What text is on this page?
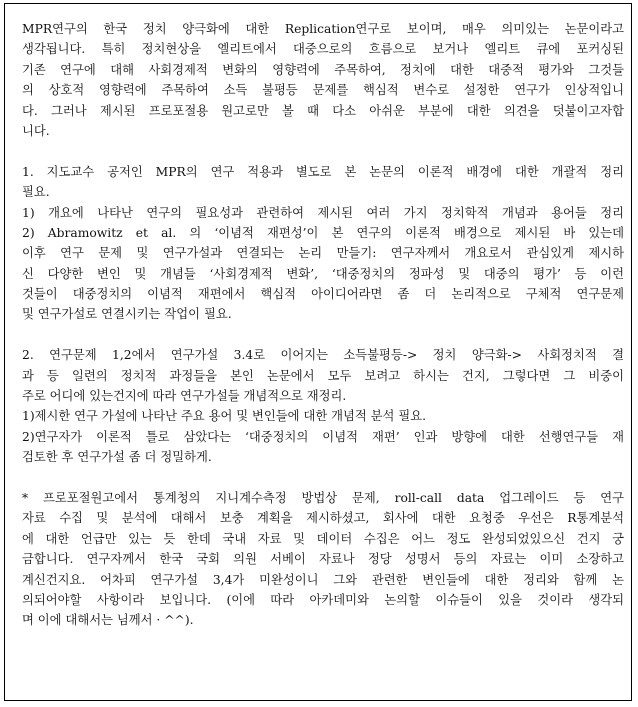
MPR연구의 한국 정치 양극화에 대한 Replication연구로 보이며, 매우 의미있는 논문이라고
생각됩니다. 특히 정치현상을 엘리트에서 대중으로의 흐름으로 보거나 엘리트 큐에 포커싱된
기존 연구에 대해 사회경제적 변화의 영향력에 주목하여, 정치에 대한 대중적 평가와 그것들
의 상호적 영향력에 주목하여 소득 불평등 문제를 핵심적 변수로 설정한 연구가 인상적입니
다. 그러나 제시된 프로포절용 원고로만 볼 때 다소 아쉬운 부분에 대한 의견을 덧붙이고자합
니다.
1. 지도교수 공저인 MPR의 연구 적용과 별도로 본 논문의 이론적 배경에 대한 개괄적 정리
필요.
1) 개요에 나타난 연구의 필요성과 관련하여 제시된 여러 가지 정치학적 개념과 용어들 정리
2) Abramowitz et al. 의 ‘이념적 재편성’이 본 연구의 이론적 배경으로 제시된 바 있는데
이후 연구 문제 및 연구가설과 연결되는 논리 만들기: 연구자께서 개요로서 관심있게 제시하
신 다양한 변인 및 개념들 ‘사회경제적 변화’, ‘대중정치의 정파성 및 대중의 평가’ 등 이런
것들이 대중정치의 이념적 재편에서 핵심적 아이디어라면 좀 더 논리적으로 구체적 연구문제
및 연구가설로 연결시키는 작업이 필요.
2. 연구문제 1,2에서 연구가설 3.4로 이어지는 소득불평등-> 정치 양극화-> 사회정치적 결
과 등 일련의 정치적 과정들을 본인 논문에서 모두 보려고 하시는 건지, 그렇다면 그 비중이
주로 어디에 있는건지에 따라 연구가설들 개념적으로 재정리.
1)제시한 연구 가설에 나타난 주요 용어 및 변인들에 대한 개념적 분석 필요.
2)연구자가 이론적 틀로 삼았다는 ‘대중정치의 이념적 재편’ 인과 방향에 대한 선행연구들 재
검토한 후 연구가설 좀 더 정밀하게.
* 프로포절원고에서 통계청의 지니계수측정 방법상 문제, roll-call data 업그레이드 등 연구
자료 수집 및 분석에 대해서 보충 계획을 제시하셨고, 회사에 대한 요청중 우선은 R통계분석
에 대한 언급만 있는 듯 한데 국내 자료 및 데이터 수집은 어느 정도 완성되었있으신 건지 궁
금합니다. 연구자께서 한국 국회 의원 서베이 자료나 정당 성명서 등의 자료는 이미 소장하고
계신건지요. 어차피 연구가설 3,4가 미완성이니 그와 관련한 변인들에 대한 정리와 함께 논
의되어야할 사항이라 보입니다. (이에 따라 아카데미와 논의할 이슈들이 있을 것이라 생각되
며 이에 대해서는 님께서 · ^^).
